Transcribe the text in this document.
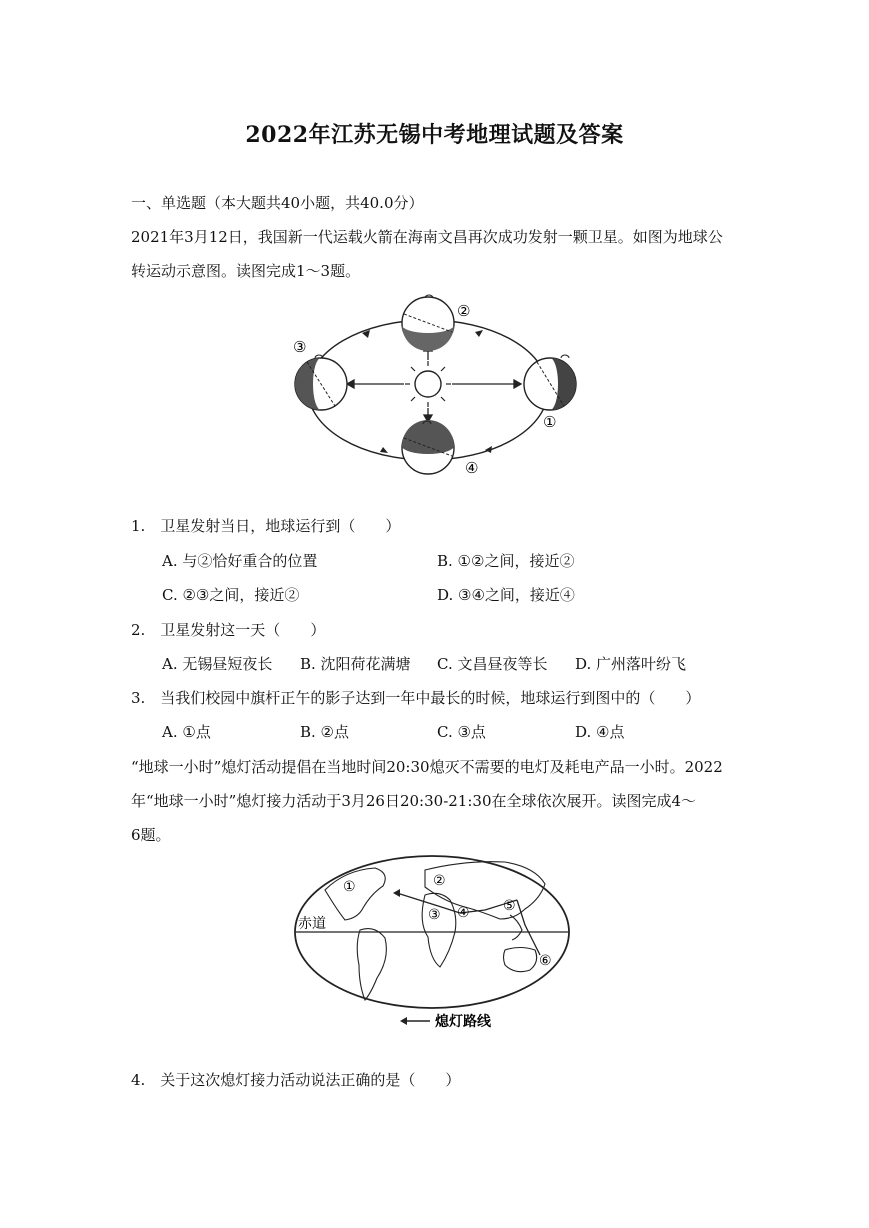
2022年江苏无锡中考地理试题及答案
一、单选题（本大题共40小题，共40.0分）
2021年3月12日，我国新一代运载火箭在海南文昌再次成功发射一颗卫星。如图为地球公
转运动示意图。读图完成1～3题。
②
③
①
④
1.　卫星发射当日，地球运行到（　　）
A. 与②恰好重合的位置	B. ①②之间，接近②
C. ②③之间，接近②	D. ③④之间，接近④
2.　卫星发射这一天（　　）
A. 无锡昼短夜长 B. 沈阳荷花满塘 C. 文昌昼夜等长 D. 广州落叶纷飞
3.　当我们校园中旗杆正午的影子达到一年中最长的时候，地球运行到图中的（　　）
A. ①点	B. ②点	C. ③点	D. ④点
“地球一小时”熄灯活动提倡在当地时间20:30熄灭不需要的电灯及耗电产品一小时。2022
年“地球一小时”熄灯接力活动于3月26日20:30-21:30在全球依次展开。读图完成4～
6题。
①	②
③ ④ ⑤
⑥
赤道
熄灯路线
4.　关于这次熄灯接力活动说法正确的是（　　）
